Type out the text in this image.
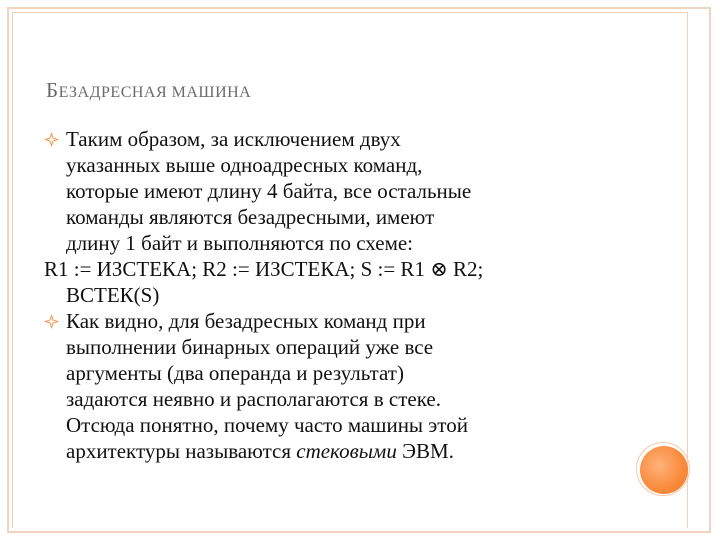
БЕЗАДРЕСНАЯ МАШИНА
Таким образом, за исключением двух
указанных выше одноадресных команд,
которые имеют длину 4 байта, все остальные
команды являются безадресными, имеют
длину 1 байт и выполняются по схеме:
R1 := ИЗСТЕКА; R2 := ИЗСТЕКА; S := R1 ⊗ R2;
ВСТЕК(S)
Как видно, для безадресных команд при
выполнении бинарных операций уже все
аргументы (два операнда и результат)
задаются неявно и располагаются в стеке.
Отсюда понятно, почему часто машины этой
архитектуры называются стековыми ЭВМ.
